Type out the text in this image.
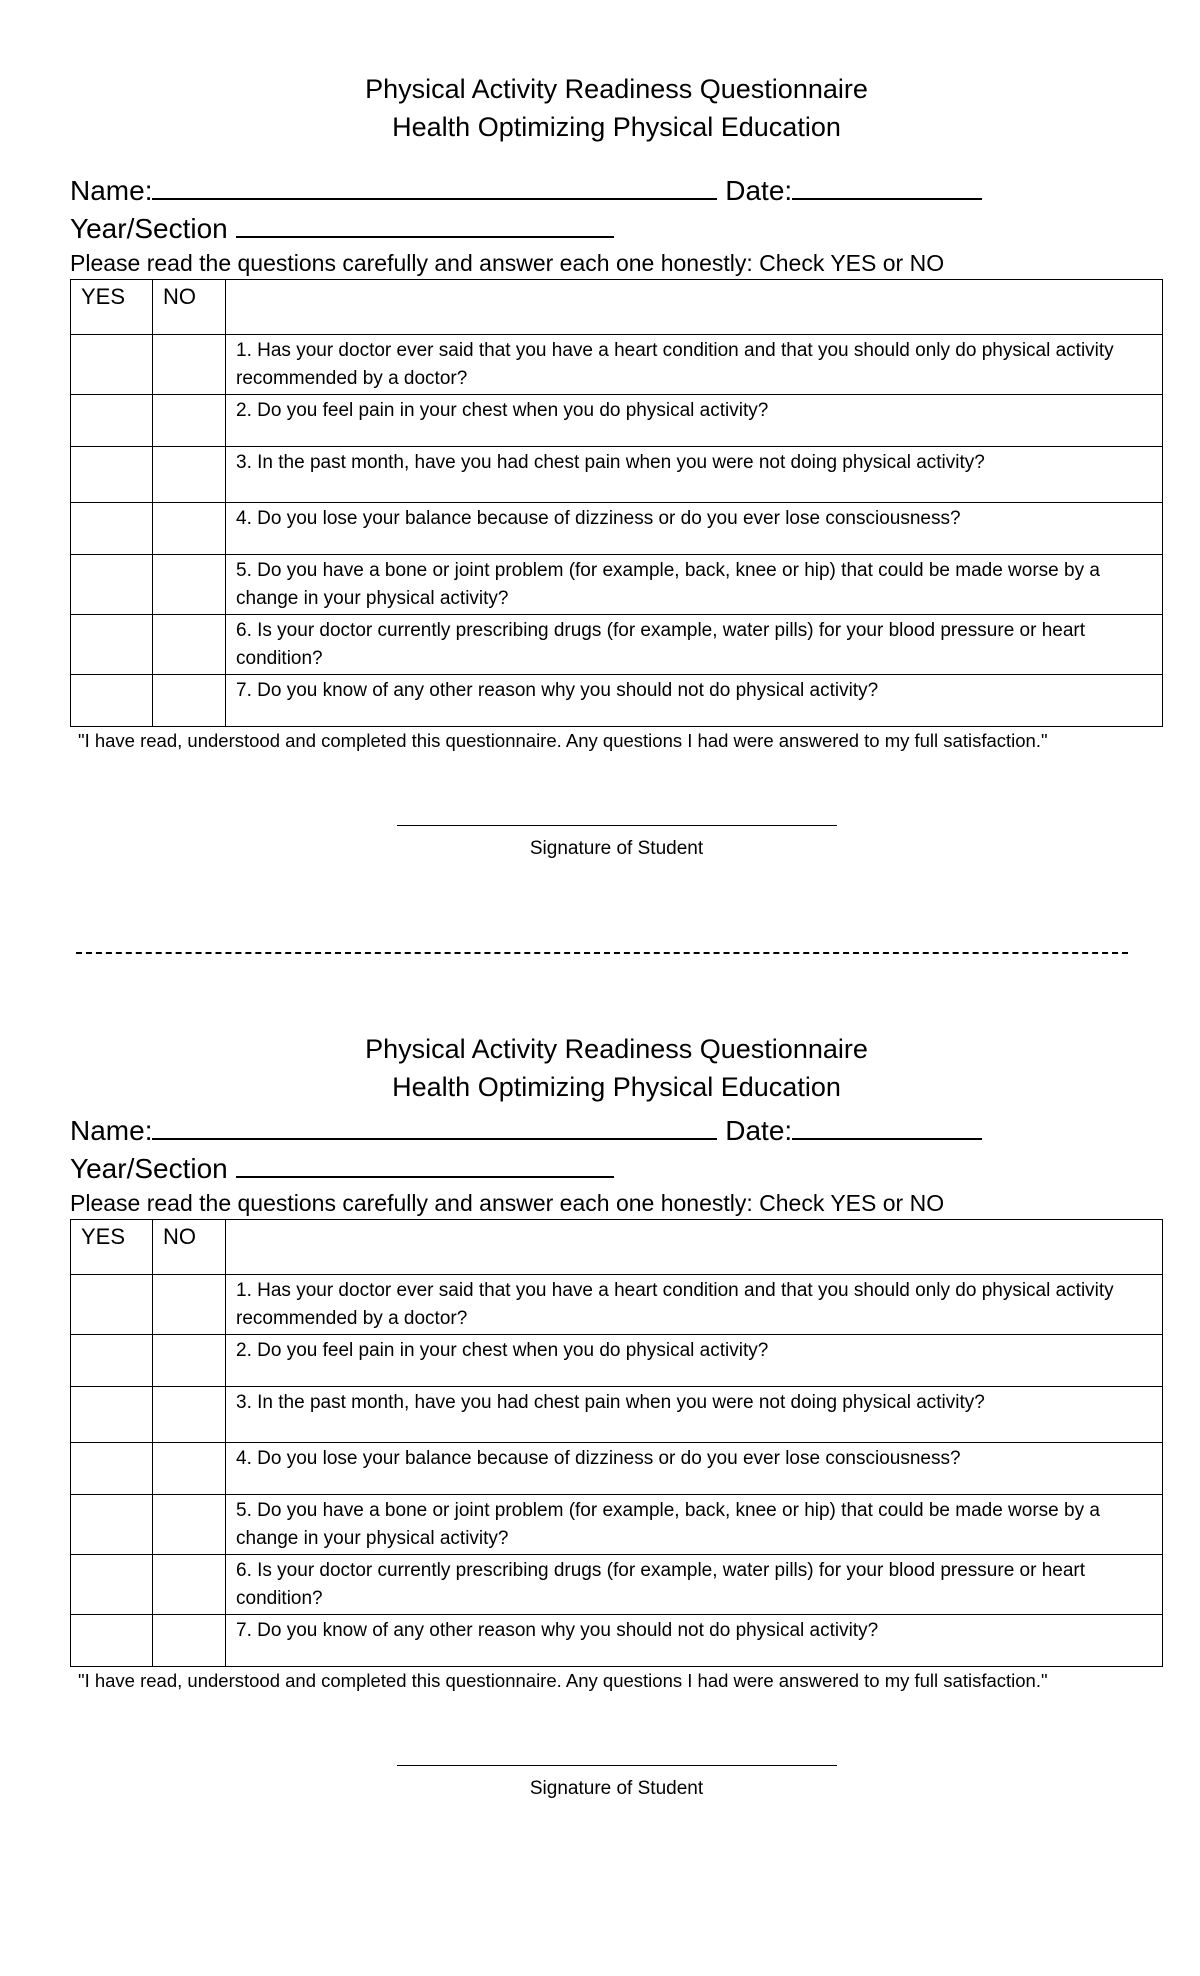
Physical Activity Readiness Questionnaire
Health Optimizing Physical Education
Name:	Date:
Year/Section
Please read the questions carefully and answer each one honestly: Check YES or NO
YES	NO	
		1. Has your doctor ever said that you have a heart condition and that you should only do physical activity recommended by a doctor?
		2. Do you feel pain in your chest when you do physical activity?
		3. In the past month, have you had chest pain when you were not doing physical activity?
		4. Do you lose your balance because of dizziness or do you ever lose consciousness?
		5. Do you have a bone or joint problem (for example, back, knee or hip) that could be made worse by a change in your physical activity?
		6. Is your doctor currently prescribing drugs (for example, water pills) for your blood pressure or heart condition?
		7. Do you know of any other reason why you should not do physical activity?
"I have read, understood and completed this questionnaire. Any questions I had were answered to my full satisfaction."
Signature of Student
Physical Activity Readiness Questionnaire
Health Optimizing Physical Education
Name:	Date:
Year/Section
Please read the questions carefully and answer each one honestly: Check YES or NO
YES	NO	
		1. Has your doctor ever said that you have a heart condition and that you should only do physical activity recommended by a doctor?
		2. Do you feel pain in your chest when you do physical activity?
		3. In the past month, have you had chest pain when you were not doing physical activity?
		4. Do you lose your balance because of dizziness or do you ever lose consciousness?
		5. Do you have a bone or joint problem (for example, back, knee or hip) that could be made worse by a change in your physical activity?
		6. Is your doctor currently prescribing drugs (for example, water pills) for your blood pressure or heart condition?
		7. Do you know of any other reason why you should not do physical activity?
"I have read, understood and completed this questionnaire. Any questions I had were answered to my full satisfaction."
Signature of Student
